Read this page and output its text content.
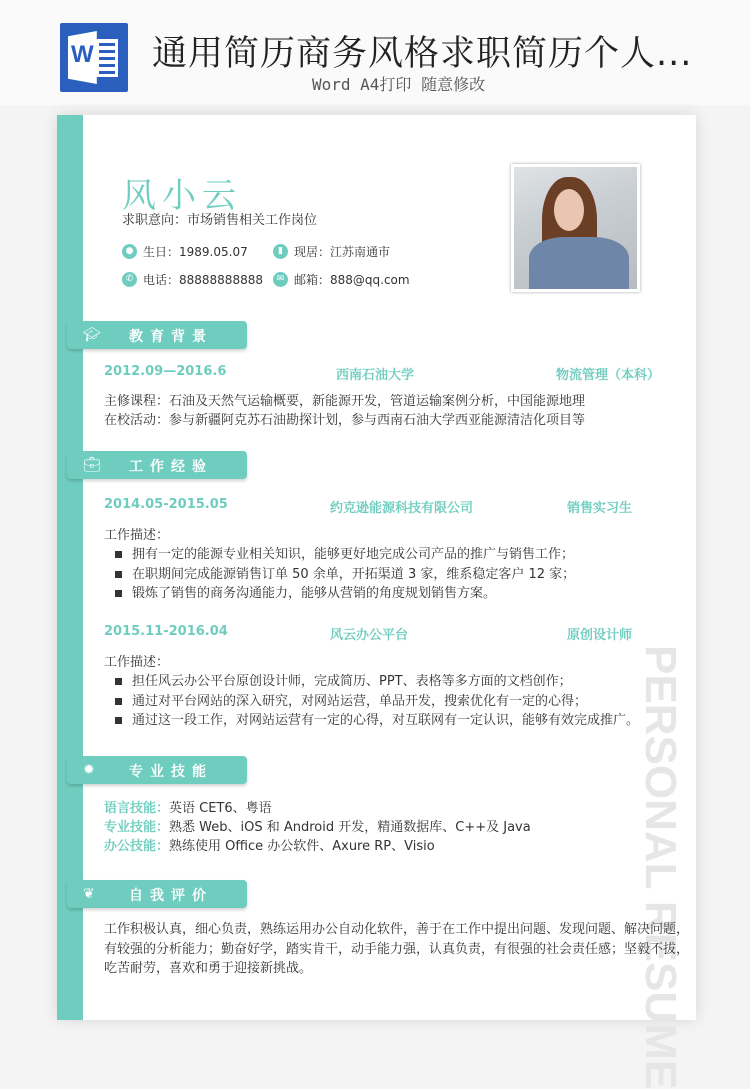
W 通用简历商务风格求职简历个人...
Word A4打印 随意修改
PERSONAL RESUME
风小云
求职意向：市场销售相关工作岗位
● 生日：1989.05.07	▮ 现居：江苏南通市
✆ 电话：88888888888	✉ 邮箱：888@qq.com
🎓︎ 教育背景
2012.09—2016.6	西南石油大学	物流管理（本科）
主修课程：石油及天然气运输概要，新能源开发，管道运输案例分析，中国能源地理
在校活动：参与新疆阿克苏石油勘探计划，参与西南石油大学西亚能源清洁化项目等
💼︎ 工作经验
2014.05-2015.05	约克逊能源科技有限公司	销售实习生
工作描述：
拥有一定的能源专业相关知识，能够更好地完成公司产品的推广与销售工作；
在职期间完成能源销售订单 50 余单，开拓渠道 3 家，维系稳定客户 12 家；
锻炼了销售的商务沟通能力，能够从营销的角度规划销售方案。
2015.11-2016.04	风云办公平台	原创设计师
工作描述：
担任风云办公平台原创设计师，完成简历、PPT、表格等多方面的文档创作；
通过对平台网站的深入研究，对网站运营，单品开发，搜索优化有一定的心得；
通过这一段工作，对网站运营有一定的心得，对互联网有一定认识，能够有效完成推广。
✹ 专业技能
语言技能：英语 CET6、粤语
专业技能：熟悉 Web、iOS 和 Android 开发，精通数据库、C++及 Java
办公技能：熟练使用 Office 办公软件、Axure RP、Visio
❦ 自我评价
工作积极认真，细心负责，熟练运用办公自动化软件，善于在工作中提出问题、发现问题、解决问题，
有较强的分析能力；勤奋好学，踏实肯干，动手能力强，认真负责，有很强的社会责任感；坚毅不拔，
吃苦耐劳，喜欢和勇于迎接新挑战。
